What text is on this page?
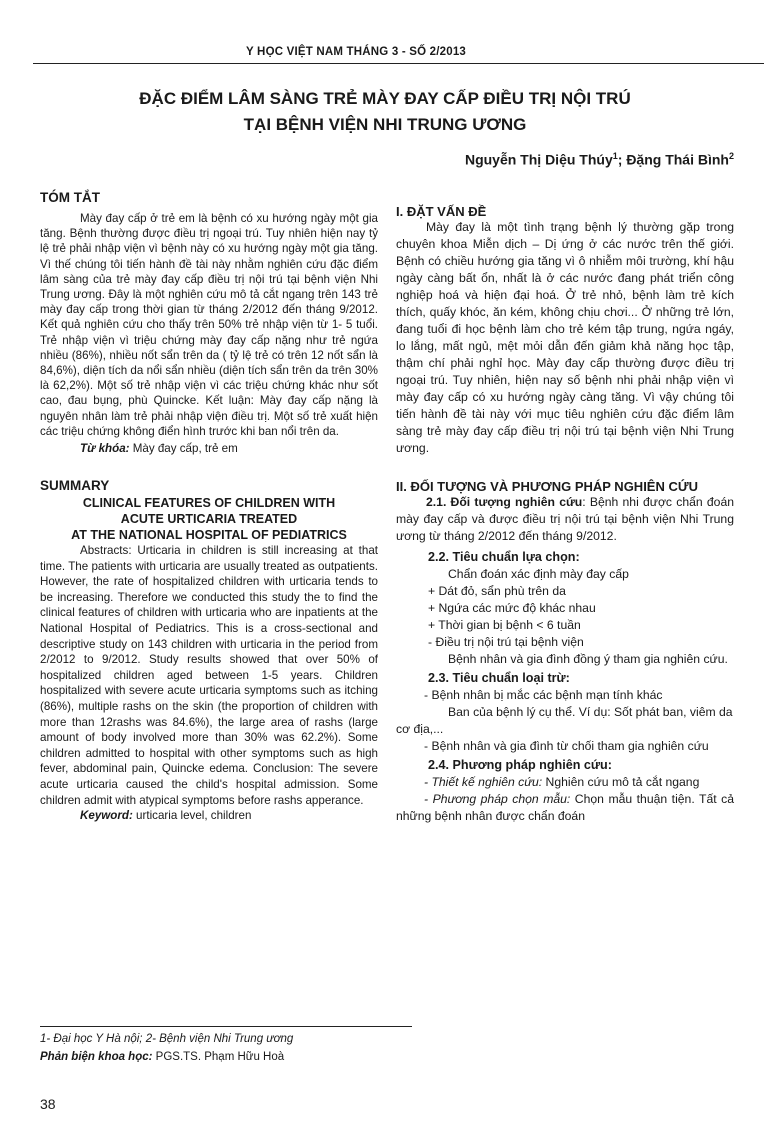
Y HỌC VIỆT NAM THÁNG 3 - SỐ 2/2013
ĐẶC ĐIỂM LÂM SÀNG TRẺ MÀY ĐAY CẤP ĐIỀU TRỊ NỘI TRÚ
TẠI BỆNH VIỆN NHI TRUNG ƯƠNG
Nguyễn Thị Diệu Thúy$^1$; Đặng Thái Bình$^2$

TÓM TẮT

Mày đay cấp ở trẻ em là bệnh có xu hướng ngày một gia tăng. Bệnh thường được điều trị ngoại trú. Tuy nhiên hiện nay tỷ lệ trẻ phải nhập viện vì bệnh này có xu hướng ngày một gia tăng. Vì thế chúng tôi tiến hành đề tài này nhằm nghiên cứu đặc điểm lâm sàng của trẻ mày đay cấp điều trị nội trú tại bệnh viện Nhi Trung ương. Đây là một nghiên cứu mô tả cắt ngang trên 143 trẻ mày đay cấp trong thời gian từ tháng 2/2012 đến tháng 9/2012. Kết quả nghiên cứu cho thấy trên 50% trẻ nhập viện từ 1- 5 tuổi. Trẻ nhập viện vì triệu chứng mày đay cấp nặng như trẻ ngứa nhiều (86%), nhiều nốt sẩn trên da ( tỷ lệ trẻ có trên 12 nốt sẩn là 84,6%), diện tích da nổi sẩn nhiều (diện tích sẩn trên da trên 30% là 62,2%). Một số trẻ nhập viện vì các triệu chứng khác như sốt cao, đau bụng, phù Quincke. Kết luận: Mày đay cấp nặng là nguyên nhân làm trẻ phải nhập viện điều trị. Một số trẻ xuất hiện các triệu chứng không điển hình trước khi ban nổi trên da.

Từ khóa: Mày đay cấp, trẻ em

SUMMARY

CLINICAL FEATURES OF CHILDREN WITH

ACUTE URTICARIA TREATED

AT THE NATIONAL HOSPITAL OF PEDIATRICS

Abstracts: Urticaria in children is still increasing at that time. The patients with urticaria are usually treated as outpatients. However, the rate of hospitalized children with urticaria tends to be increasing. Therefore we conducted this study the to find the clinical features of children with urticaria who are inpatients at the National Hospital of Pediatrics. This is a cross-sectional and descriptive study on 143 children with urticaria in the period from 2/2012 to 9/2012. Study results showed that over 50% of hospitalized children aged between 1-5 years. Children hospitalized with severe acute urticaria symptoms such as itching (86%), multiple rashs on the skin (the proportion of children with more than 12rashs was 84.6%), the large area of rashs (large amount of body involved more than 30% was 62.2%). Some children admitted to hospital with other symptoms such as high fever, abdominal pain, Quincke edema. Conclusion: The severe acute urticaria caused the child's hospital admission. Some children admit with atypical symptoms before rashs apperance.

Keyword: urticaria level, children

I. ĐẶT VẤN ĐỀ

Mày đay là một tình trạng bệnh lý thường gặp trong chuyên khoa Miễn dịch – Dị ứng ở các nước trên thế giới. Bệnh có chiều hướng gia tăng vì ô nhiễm môi trường, khí hậu ngày càng bất ổn, nhất là ở các nước đang phát triển công nghiệp hoá và hiện đại hoá. Ở trẻ nhỏ, bệnh làm trẻ kích thích, quấy khóc, ăn kém, không chịu chơi... Ở những trẻ lớn, đang tuổi đi học bệnh làm cho trẻ kém tập trung, ngứa ngáy, lo lắng, mất ngủ, mệt mỏi dẫn đến giảm khả năng học tập, thậm chí phải nghỉ học. Mày đay cấp thường được điều trị ngoại trú. Tuy nhiên, hiện nay số bệnh nhi phải nhập viện vì mày đay cấp có xu hướng ngày càng tăng. Vì vậy chúng tôi tiến hành đề tài này với mục tiêu nghiên cứu đặc điểm lâm sàng trẻ mày đay cấp điều trị nội trú tại bệnh viện Nhi Trung ương.

II. ĐỐI TƯỢNG VÀ PHƯƠNG PHÁP NGHIÊN CỨU

2.1. Đối tượng nghiên cứu: Bệnh nhi được chẩn đoán mày đay cấp và được điều trị nội trú tại bệnh viện Nhi Trung ương từ tháng 2/2012 đến tháng 9/2012.

2.2. Tiêu chuẩn lựa chọn:

Chẩn đoán xác định mày đay cấp

+ Dát đỏ, sẩn phù trên da

+ Ngứa các mức độ khác nhau

+ Thời gian bị bệnh < 6 tuần

- Điều trị nội trú tại bệnh viện

Bệnh nhân và gia đình đồng ý tham gia nghiên cứu.

2.3. Tiêu chuẩn loại trừ:

- Bệnh nhân bị mắc các bệnh mạn tính khác

Ban của bệnh lý cụ thể. Ví dụ: Sốt phát ban, viêm da cơ địa,...

- Bệnh nhân và gia đình từ chối tham gia nghiên cứu

2.4. Phương pháp nghiên cứu:

- Thiết kế nghiên cứu: Nghiên cứu mô tả cắt ngang

- Phương pháp chọn mẫu: Chọn mẫu thuận tiện. Tất cả những bệnh nhân được chẩn đoán

1- Đại học Y Hà nội; 2- Bệnh viện Nhi Trung ương
Phản biện khoa học: PGS.TS. Phạm Hữu Hoà
38
